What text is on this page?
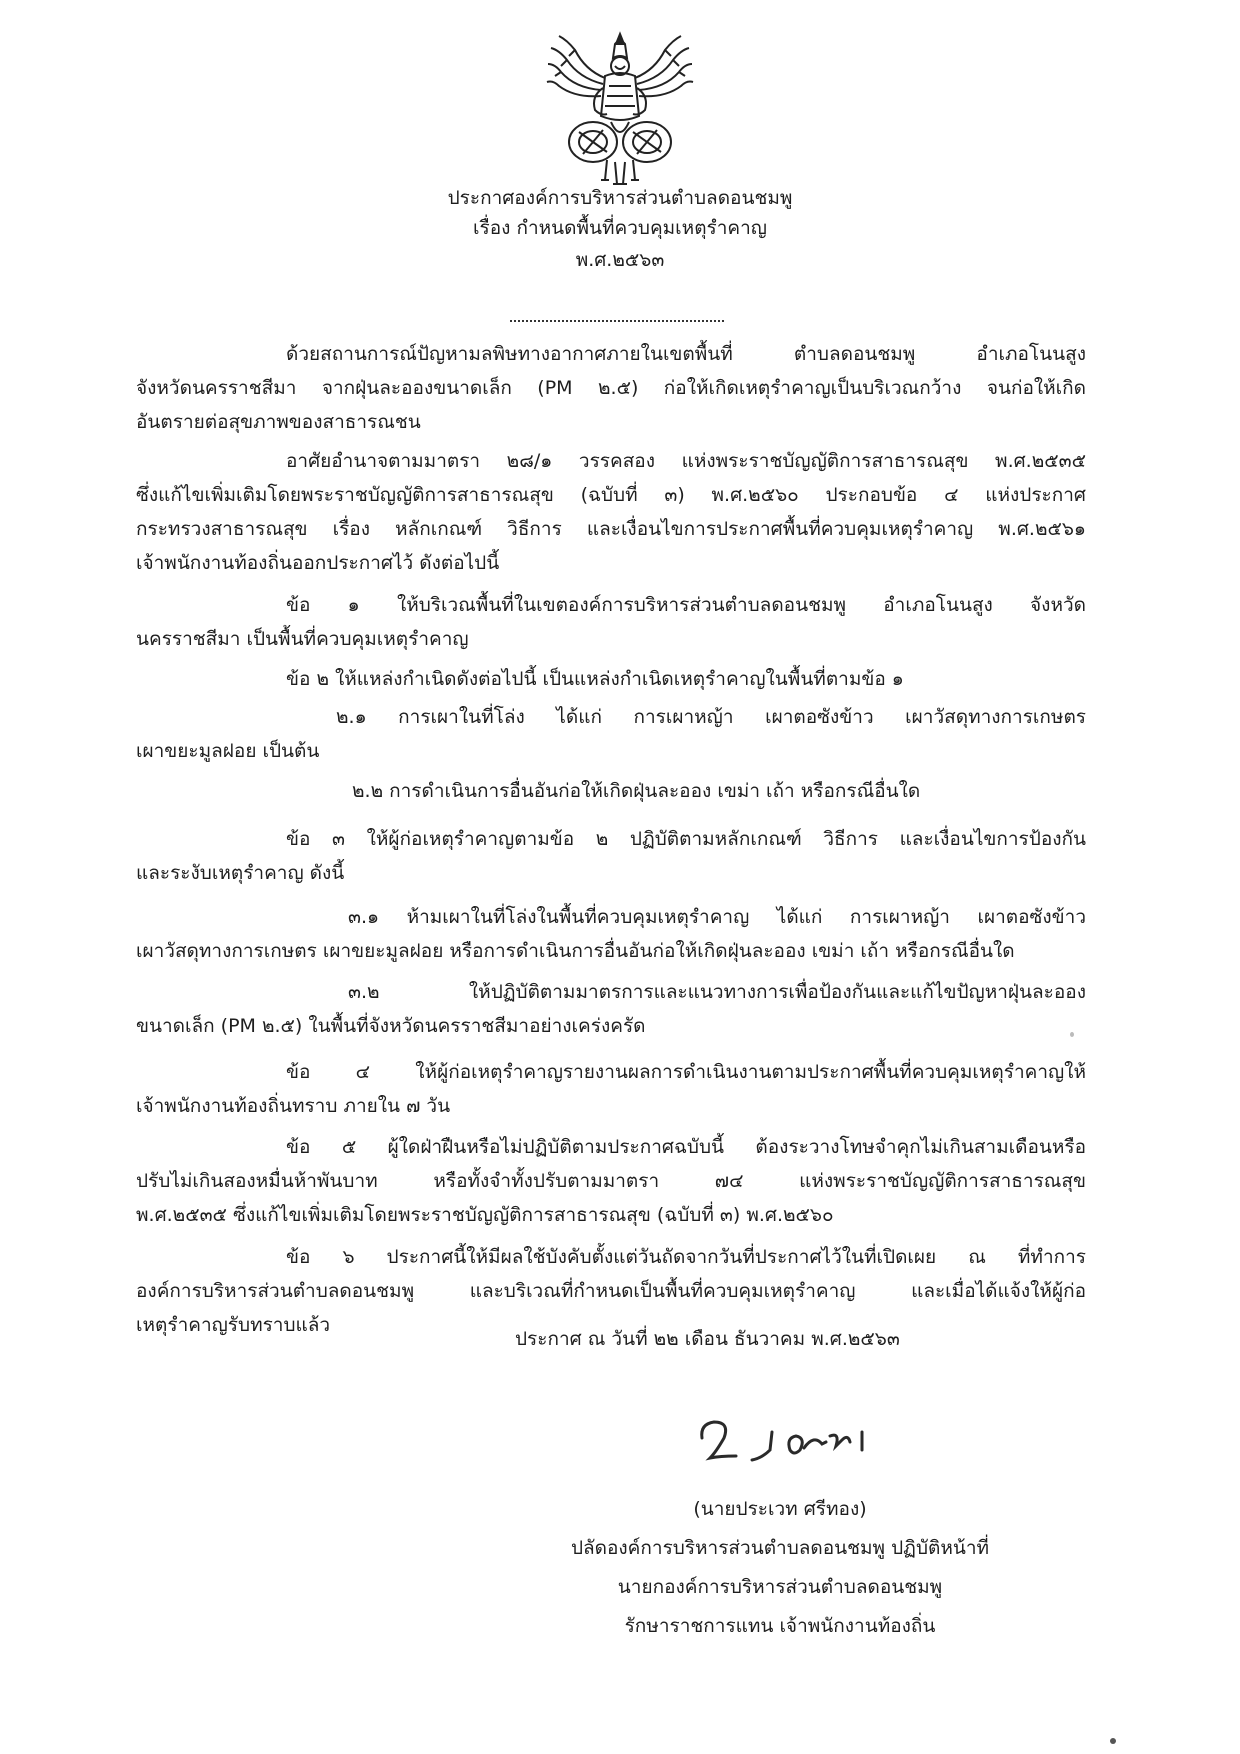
ประกาศองค์การบริหารส่วนตำบลดอนชมพู
เรื่อง กำหนดพื้นที่ควบคุมเหตุรำคาญ
พ.ศ.๒๕๖๓
ด้วยสถานการณ์ปัญหามลพิษทางอากาศภายในเขตพื้นที่ ตำบลดอนชมพู อำเภอโนนสูง
จังหวัดนครราชสีมา จากฝุ่นละอองขนาดเล็ก (PM ๒.๕) ก่อให้เกิดเหตุรำคาญเป็นบริเวณกว้าง จนก่อให้เกิด
อันตรายต่อสุขภาพของสาธารณชน
อาศัยอำนาจตามมาตรา ๒๘/๑ วรรคสอง แห่งพระราชบัญญัติการสาธารณสุข พ.ศ.๒๕๓๕
ซึ่งแก้ไขเพิ่มเติมโดยพระราชบัญญัติการสาธารณสุข (ฉบับที่ ๓) พ.ศ.๒๕๖๐ ประกอบข้อ ๔ แห่งประกาศ
กระทรวงสาธารณสุข เรื่อง หลักเกณฑ์ วิธีการ และเงื่อนไขการประกาศพื้นที่ควบคุมเหตุรำคาญ พ.ศ.๒๕๖๑
เจ้าพนักงานท้องถิ่นออกประกาศไว้ ดังต่อไปนี้
ข้อ ๑ ให้บริเวณพื้นที่ในเขตองค์การบริหารส่วนตำบลดอนชมพู อำเภอโนนสูง จังหวัด
นครราชสีมา เป็นพื้นที่ควบคุมเหตุรำคาญ
ข้อ ๒ ให้แหล่งกำเนิดดังต่อไปนี้ เป็นแหล่งกำเนิดเหตุรำคาญในพื้นที่ตามข้อ ๑
๒.๑ การเผาในที่โล่ง ได้แก่ การเผาหญ้า เผาตอซังข้าว เผาวัสดุทางการเกษตร
เผาขยะมูลฝอย เป็นต้น
๒.๒ การดำเนินการอื่นอันก่อให้เกิดฝุ่นละออง เขม่า เถ้า หรือกรณีอื่นใด
ข้อ ๓ ให้ผู้ก่อเหตุรำคาญตามข้อ ๒ ปฏิบัติตามหลักเกณฑ์ วิธีการ และเงื่อนไขการป้องกัน
และระงับเหตุรำคาญ ดังนี้
๓.๑ ห้ามเผาในที่โล่งในพื้นที่ควบคุมเหตุรำคาญ ได้แก่ การเผาหญ้า เผาตอซังข้าว
เผาวัสดุทางการเกษตร เผาขยะมูลฝอย หรือการดำเนินการอื่นอันก่อให้เกิดฝุ่นละออง เขม่า เถ้า หรือกรณีอื่นใด
๓.๒ ให้ปฏิบัติตามมาตรการและแนวทางการเพื่อป้องกันและแก้ไขปัญหาฝุ่นละออง
ขนาดเล็ก (PM ๒.๕) ในพื้นที่จังหวัดนครราชสีมาอย่างเคร่งครัด
ข้อ ๔ ให้ผู้ก่อเหตุรำคาญรายงานผลการดำเนินงานตามประกาศพื้นที่ควบคุมเหตุรำคาญให้
เจ้าพนักงานท้องถิ่นทราบ ภายใน ๗ วัน
ข้อ ๕ ผู้ใดฝ่าฝืนหรือไม่ปฏิบัติตามประกาศฉบับนี้ ต้องระวางโทษจำคุกไม่เกินสามเดือนหรือ
ปรับไม่เกินสองหมื่นห้าพันบาท หรือทั้งจำทั้งปรับตามมาตรา ๗๔ แห่งพระราชบัญญัติการสาธารณสุข
พ.ศ.๒๕๓๕ ซึ่งแก้ไขเพิ่มเติมโดยพระราชบัญญัติการสาธารณสุข (ฉบับที่ ๓) พ.ศ.๒๕๖๐
ข้อ ๖ ประกาศนี้ให้มีผลใช้บังคับตั้งแต่วันถัดจากวันที่ประกาศไว้ในที่เปิดเผย ณ ที่ทำการ
องค์การบริหารส่วนตำบลดอนชมพู และบริเวณที่กำหนดเป็นพื้นที่ควบคุมเหตุรำคาญ และเมื่อได้แจ้งให้ผู้ก่อ
เหตุรำคาญรับทราบแล้ว
ประกาศ ณ วันที่ ๒๒ เดือน ธันวาคม พ.ศ.๒๕๖๓
(นายประเวท ศรีทอง)
ปลัดองค์การบริหารส่วนตำบลดอนชมพู ปฏิบัติหน้าที่
นายกองค์การบริหารส่วนตำบลดอนชมพู
รักษาราชการแทน เจ้าพนักงานท้องถิ่น
